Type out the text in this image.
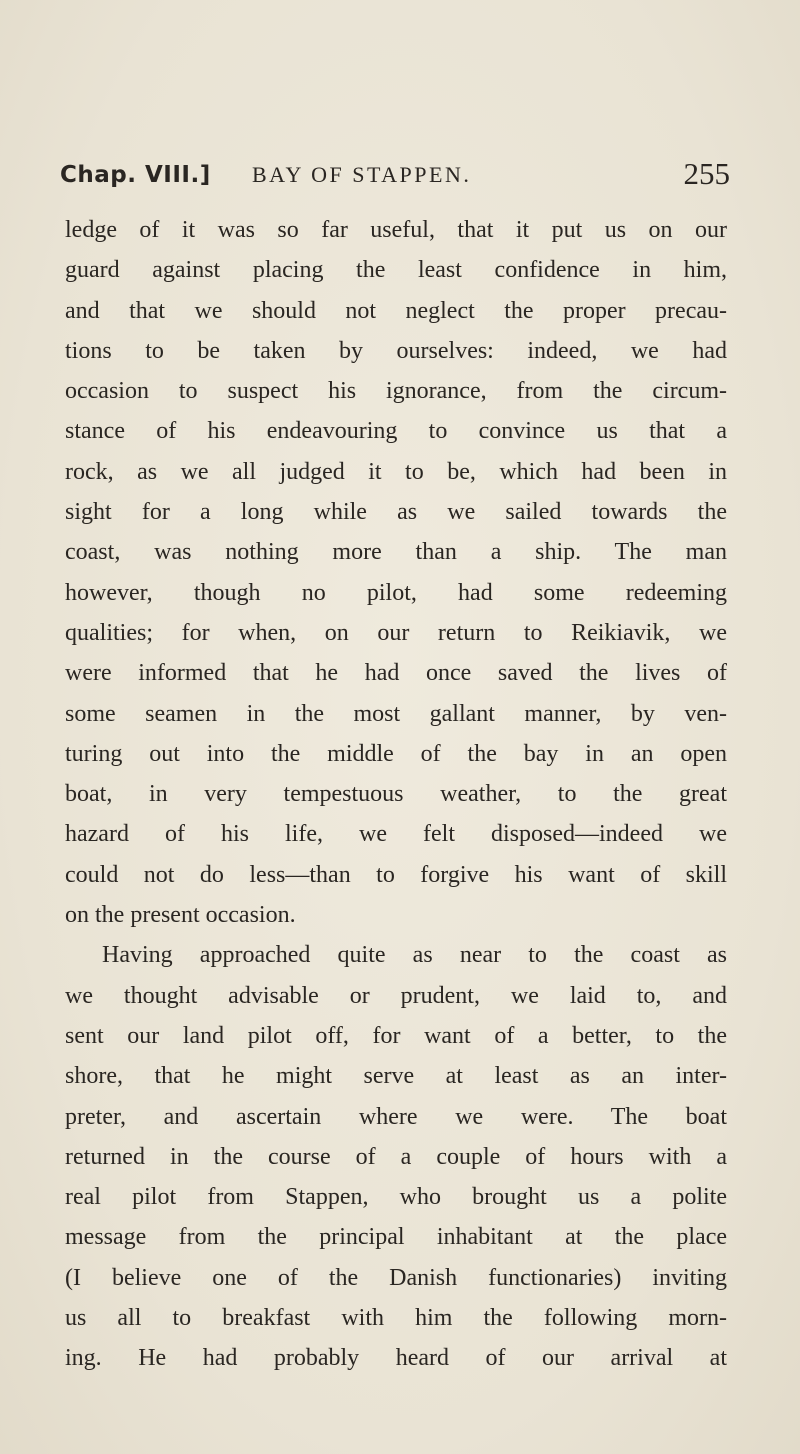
Chap. VIII.] BAY OF STAPPEN.	255
ledge of it was so far useful, that it put us on our
guard against placing the least confidence in him,
and that we should not neglect the proper precau-
tions to be taken by ourselves: indeed, we had
occasion to suspect his ignorance, from the circum-
stance of his endeavouring to convince us that a
rock, as we all judged it to be, which had been in
sight for a long while as we sailed towards the
coast, was nothing more than a ship. The man
however, though no pilot, had some redeeming
qualities; for when, on our return to Reikiavik, we
were informed that he had once saved the lives of
some seamen in the most gallant manner, by ven-
turing out into the middle of the bay in an open
boat, in very tempestuous weather, to the great
hazard of his life, we felt disposed—indeed we
could not do less—than to forgive his want of skill
on the present occasion.
Having approached quite as near to the coast as
we thought advisable or prudent, we laid to, and
sent our land pilot off, for want of a better, to the
shore, that he might serve at least as an inter-
preter, and ascertain where we were. The boat
returned in the course of a couple of hours with a
real pilot from Stappen, who brought us a polite
message from the principal inhabitant at the place
(I believe one of the Danish functionaries) inviting
us all to breakfast with him the following morn-
ing. He had probably heard of our arrival at
